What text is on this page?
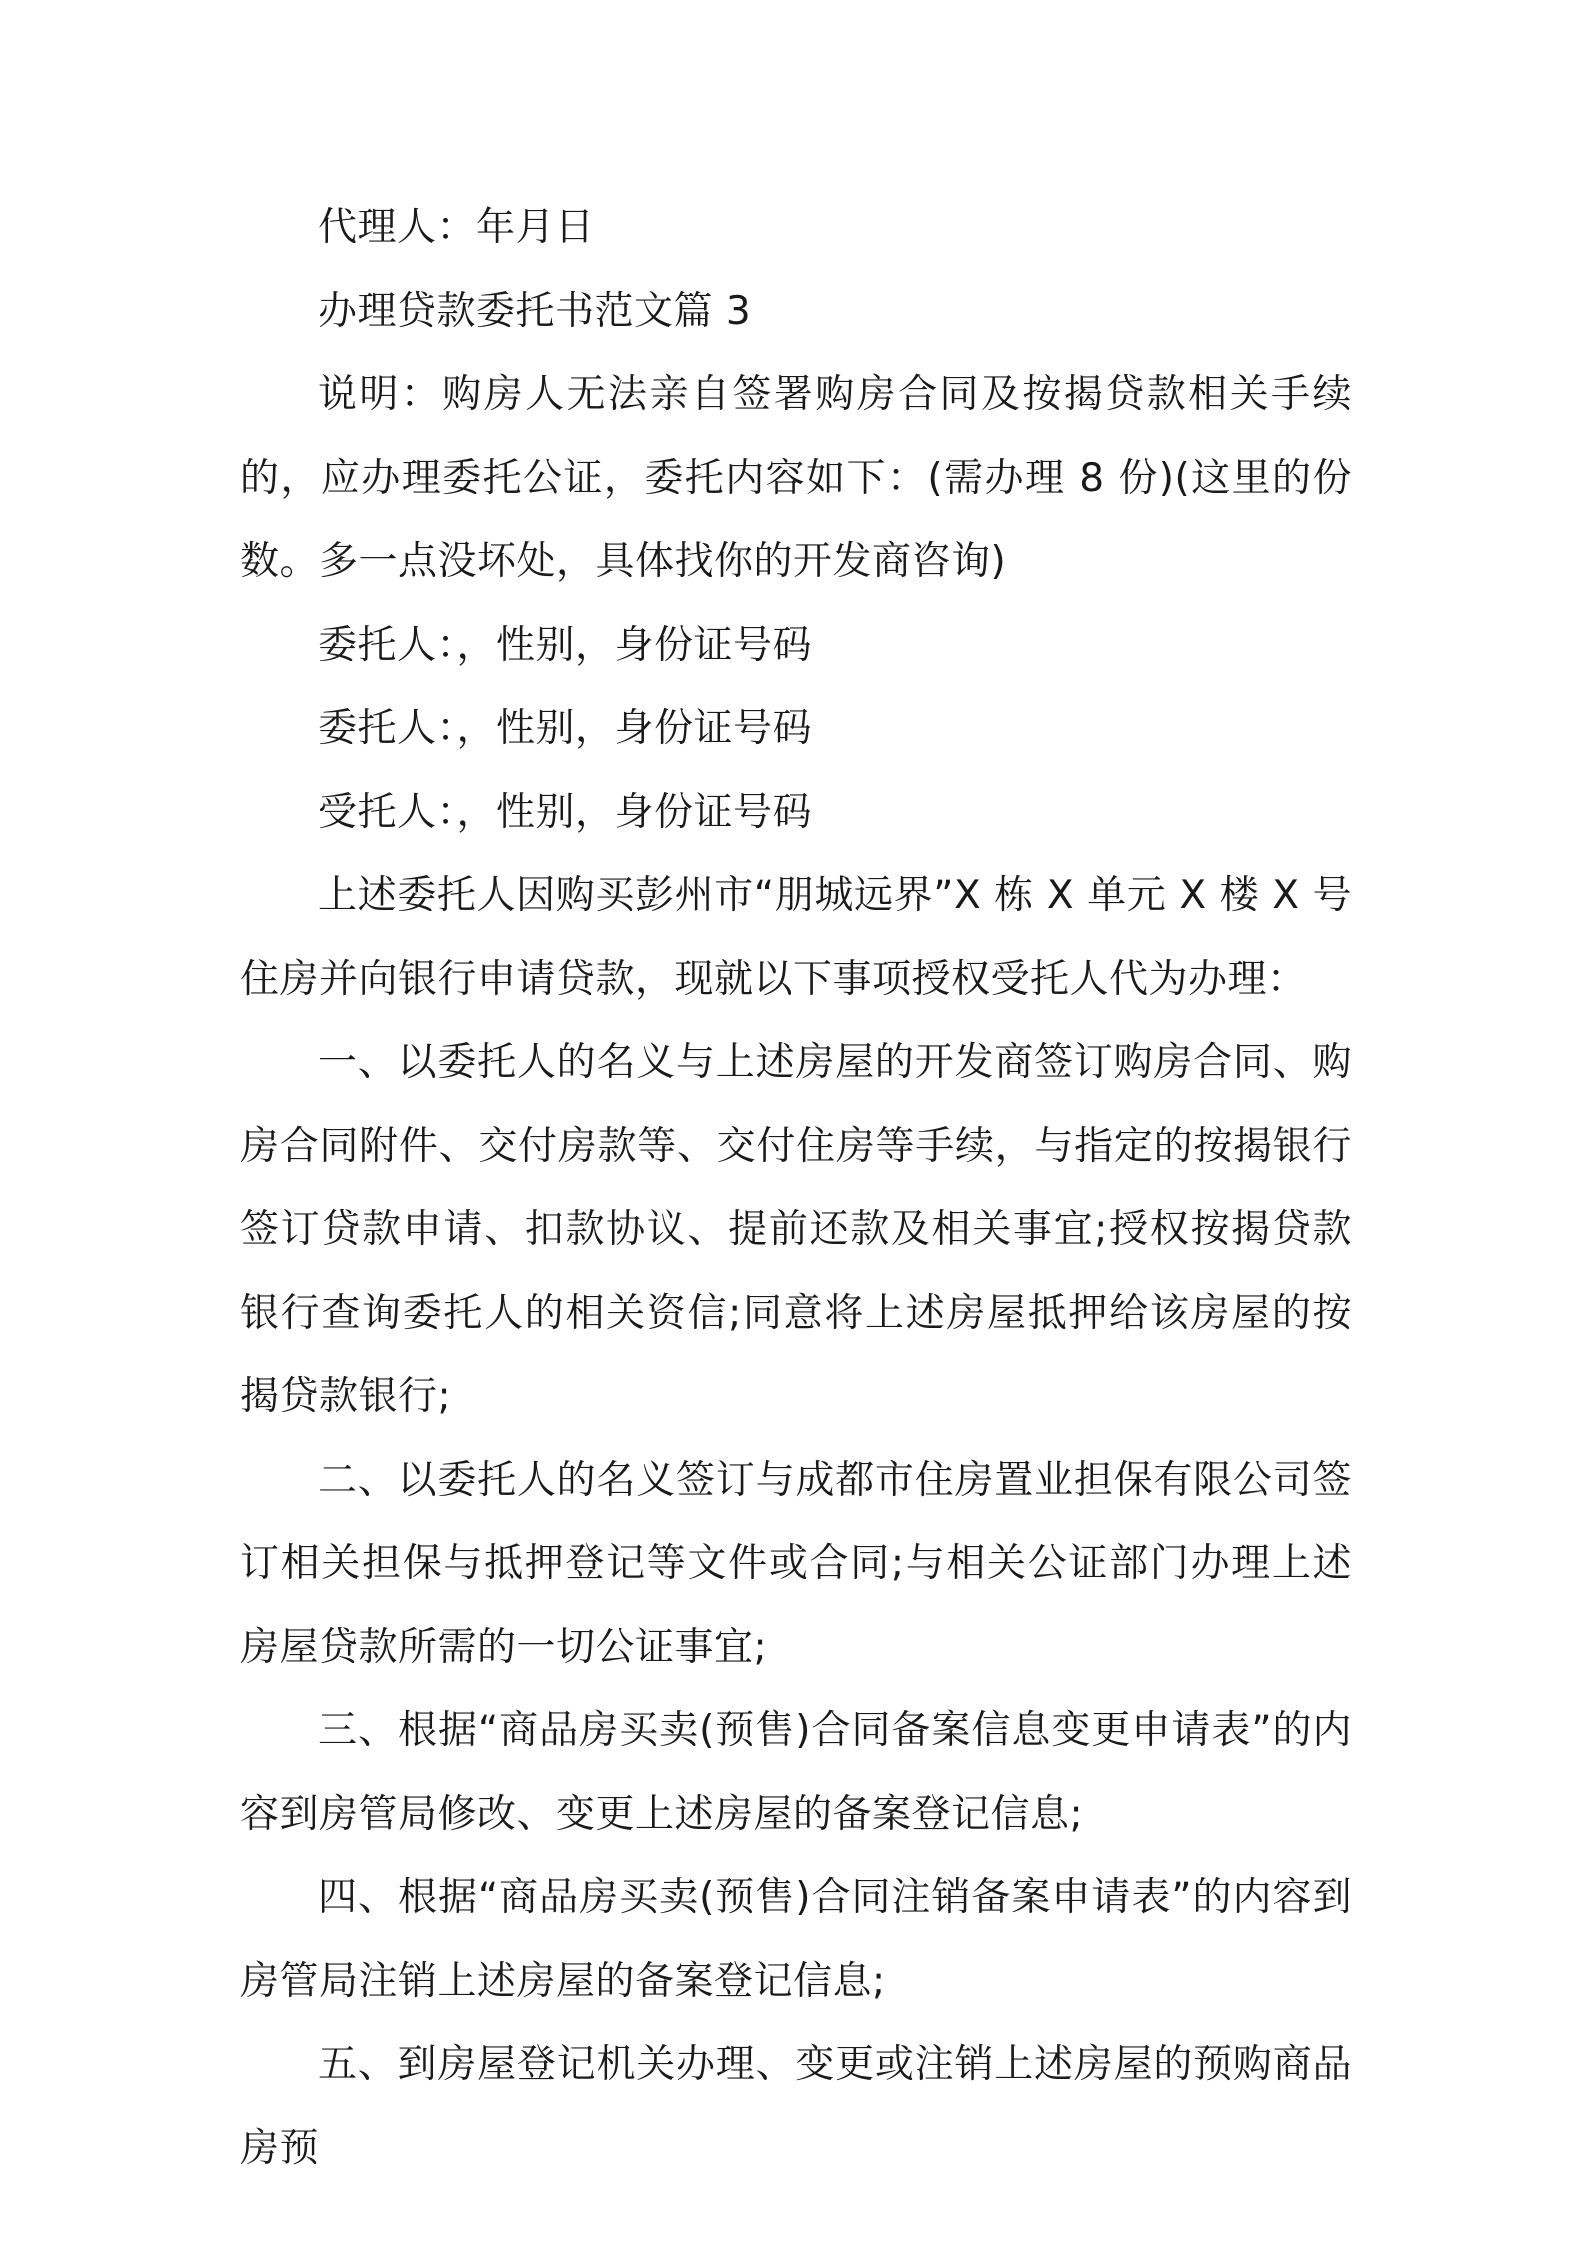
代理人：年月日

办理贷款委托书范文篇 3

说明：购房人无法亲自签署购房合同及按揭贷款相关手续的，应办理委托公证，委托内容如下：(需办理 8 份)(这里的份数。多一点没坏处，具体找你的开发商咨询)

委托人：，性别，身份证号码

委托人：，性别，身份证号码

受托人：，性别，身份证号码

上述委托人因购买彭州市“朋城远界”X 栋 X 单元 X 楼 X 号住房并向银行申请贷款，现就以下事项授权受托人代为办理：

一、以委托人的名义与上述房屋的开发商签订购房合同、购房合同附件、交付房款等、交付住房等手续，与指定的按揭银行签订贷款申请、扣款协议、提前还款及相关事宜;授权按揭贷款银行查询委托人的相关资信;同意将上述房屋抵押给该房屋的按揭贷款银行;

二、以委托人的名义签订与成都市住房置业担保有限公司签订相关担保与抵押登记等文件或合同;与相关公证部门办理上述房屋贷款所需的一切公证事宜;

三、根据“商品房买卖(预售)合同备案信息变更申请表”的内容到房管局修改、变更上述房屋的备案登记信息;

四、根据“商品房买卖(预售)合同注销备案申请表”的内容到房管局注销上述房屋的备案登记信息;

五、到房屋登记机关办理、变更或注销上述房屋的预购商品房预
